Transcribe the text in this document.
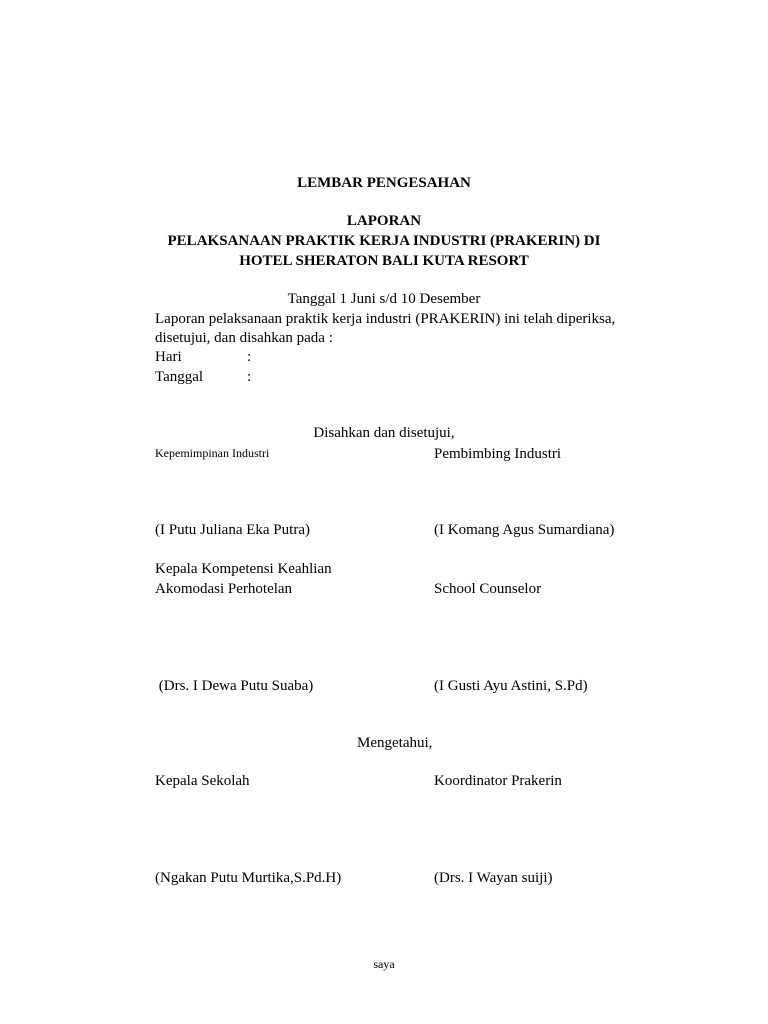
LEMBAR PENGESAHAN
LAPORAN
PELAKSANAAN PRAKTIK KERJA INDUSTRI (PRAKERIN) DI
HOTEL SHERATON BALI KUTA RESORT
Tanggal 1 Juni s/d 10 Desember
Laporan pelaksanaan praktik kerja industri (PRAKERIN) ini telah diperiksa,
disetujui, dan disahkan pada :
Hari	:
Tanggal	:
Disahkan dan disetujui,
Kepemimpinan Industri	Pembimbing Industri
(I Putu Juliana Eka Putra)	(I Komang Agus Sumardiana)
Kepala Kompetensi Keahlian
Akomodasi Perhotelan	School Counselor
(Drs. I Dewa Putu Suaba)	(I Gusti Ayu Astini, S.Pd)
Mengetahui,
Kepala Sekolah	Koordinator Prakerin
(Ngakan Putu Murtika,S.Pd.H)	(Drs. I Wayan suiji)
saya
